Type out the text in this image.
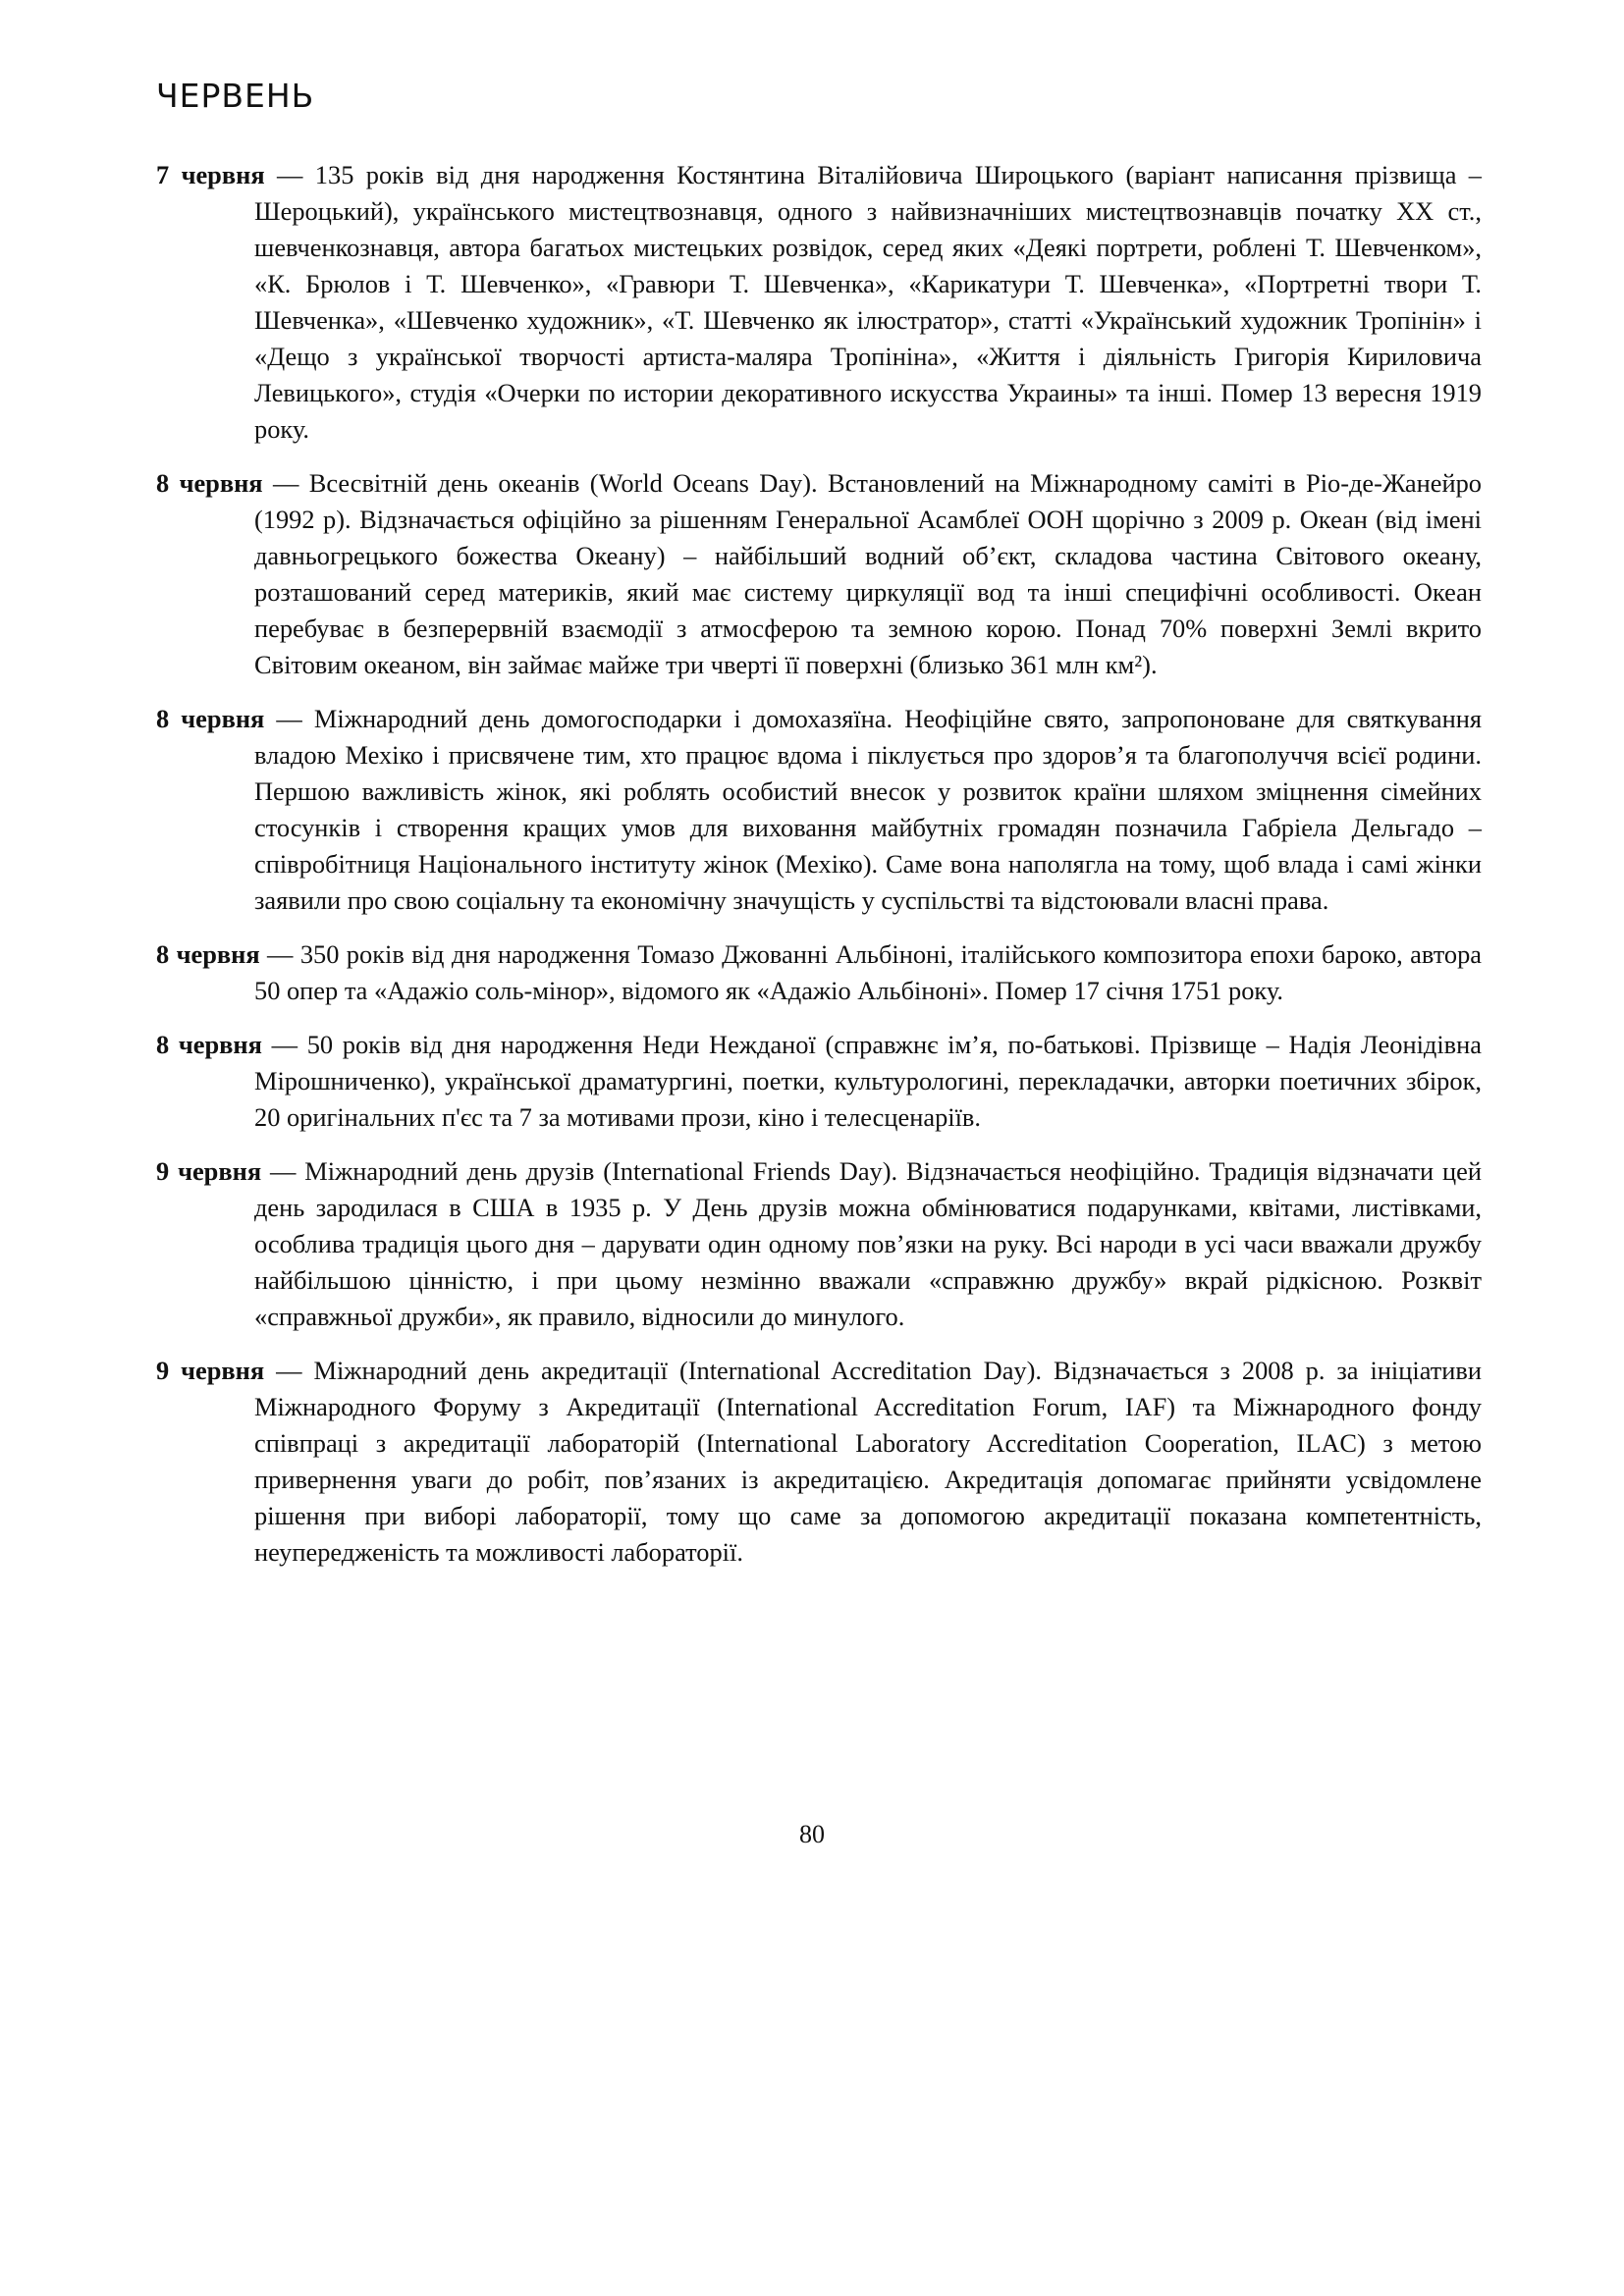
ЧЕРВЕНЬ

7 червня — 135 років від дня народження Костянтина Віталійовича Широцького (варіант написання прізвища – Шероцький), українського мистецтвознавця, одного з найвизначніших мистецтвознавців початку XX ст., шевченкознавця, автора багатьох мистецьких розвідок, серед яких «Деякі портрети, роблені Т. Шевченком», «К. Брюлов і Т. Шевченко», «Гравюри Т. Шевченка», «Карикатури Т. Шевченка», «Портретні твори Т. Шевченка», «Шевченко художник», «Т. Шевченко як ілюстратор», статті «Український художник Тропінін» і «Дещо з української творчості артиста-маляра Тропініна», «Життя і діяльність Григорія Кириловича Левицького», студія «Очерки по истории декоративного искусства Украины» та інші. Помер 13 вересня 1919 року.

8 червня — Всесвітній день океанів (World Oceans Day). Встановлений на Міжнародному саміті в Ріо-де-Жанейро (1992 р). Відзначається офіційно за рішенням Генеральної Асамблеї ООН щорічно з 2009 р. Океан (від імені давньогрецького божества Океану) – найбільший водний об’єкт, складова частина Світового океану, розташований серед материків, який має систему циркуляції вод та інші специфічні особливості. Океан перебуває в безперервній взаємодії з атмосферою та земною корою. Понад 70% поверхні Землі вкрито Світовим океаном, він займає майже три чверті її поверхні (близько 361 млн км²).

8 червня — Міжнародний день домогосподарки і домохазяїна. Неофіційне свято, запропоноване для святкування владою Мехіко і присвячене тим, хто працює вдома і піклується про здоров’я та благополуччя всієї родини. Першою важливість жінок, які роблять особистий внесок у розвиток країни шляхом зміцнення сімейних стосунків і створення кращих умов для виховання майбутніх громадян позначила Габріела Дельгадо – співробітниця Національного інституту жінок (Мехіко). Саме вона наполягла на тому, щоб влада і самі жінки заявили про свою соціальну та економічну значущість у суспільстві та відстоювали власні права.

8 червня — 350 років від дня народження Томазо Джованні Альбіноні, італійського композитора епохи бароко, автора 50 опер та «Адажіо соль-мінор», відомого як «Адажіо Альбіноні». Помер 17 січня 1751 року.

8 червня — 50 років від дня народження Неди Нежданої (справжнє ім’я, по-батькові. Прізвище – Надія Леонідівна Мірошниченко), української драматургині, поетки, культурологині, перекладачки, авторки поетичних збірок, 20 оригінальних п'єс та 7 за мотивами прози, кіно і телесценаріїв.

9 червня — Міжнародний день друзів (International Friends Day). Відзначається неофіційно. Традиція відзначати цей день зародилася в США в 1935 р. У День друзів можна обмінюватися подарунками, квітами, листівками, особлива традиція цього дня – дарувати один одному пов’язки на руку. Всі народи в усі часи вважали дружбу найбільшою цінністю, і при цьому незмінно вважали «справжню дружбу» вкрай рідкісною. Розквіт «справжньої дружби», як правило, відносили до минулого.

9 червня — Міжнародний день акредитації (International Accreditation Day). Відзначається з 2008 р. за ініціативи Міжнародного Форуму з Акредитації (International Accreditation Forum, IAF) та Міжнародного фонду співпраці з акредитації лабораторій (International Laboratory Accreditation Cooperation, ILAC) з метою привернення уваги до робіт, пов’язаних із акредитацією. Акредитація допомагає прийняти усвідомлене рішення при виборі лабораторії, тому що саме за допомогою акредитації показана компетентність, неупередженість та можливості лабораторії.

80
